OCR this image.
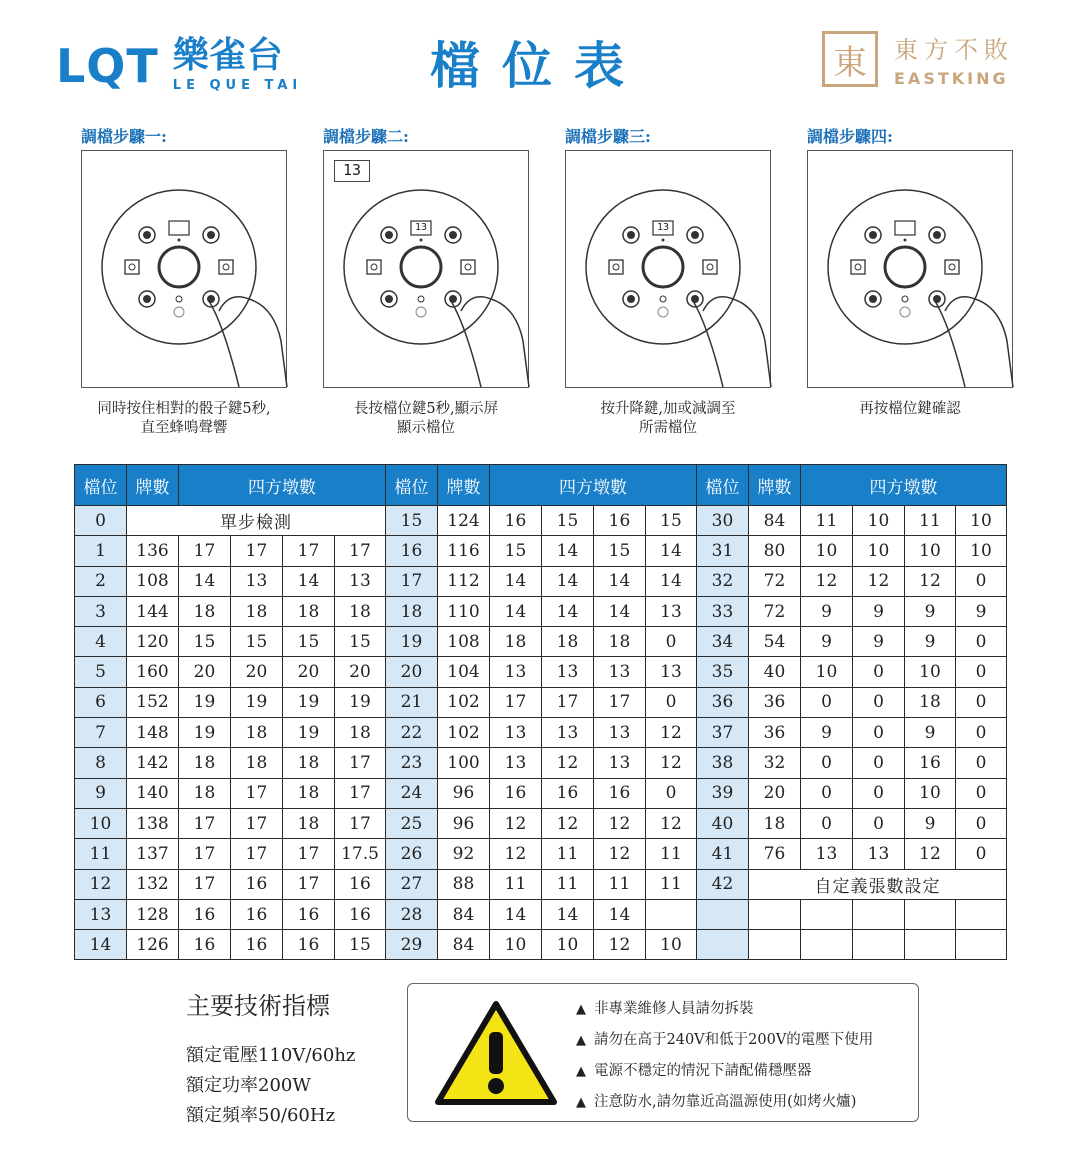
LQT 樂雀台
LE QUE TAI	檔位表	東	東方不敗
EASTKING
調檔步驟一:
同時按住相對的骰子鍵5秒,
直至蜂鳴聲響
調檔步驟二:
13
13
長按檔位鍵5秒,顯示屏
顯示檔位
調檔步驟三:
13
按升降鍵,加或減調至
所需檔位
調檔步驟四:
再按檔位鍵確認
檔位	牌數	四方墩數				檔位	牌數	四方墩數				檔位	牌數	四方墩數			
0	單步檢測					15	124	16	15	16	15	30	84	11	10	11	10
1	136	17	17	17	17	16	116	15	14	15	14	31	80	10	10	10	10
2	108	14	13	14	13	17	112	14	14	14	14	32	72	12	12	12	0
3	144	18	18	18	18	18	110	14	14	14	13	33	72	9	9	9	9
4	120	15	15	15	15	19	108	18	18	18	0	34	54	9	9	9	0
5	160	20	20	20	20	20	104	13	13	13	13	35	40	10	0	10	0
6	152	19	19	19	19	21	102	17	17	17	0	36	36	0	0	18	0
7	148	19	18	19	18	22	102	13	13	13	12	37	36	9	0	9	0
8	142	18	18	18	17	23	100	13	12	13	12	38	32	0	0	16	0
9	140	18	17	18	17	24	96	16	16	16	0	39	20	0	0	10	0
10	138	17	17	18	17	25	96	12	12	12	12	40	18	0	0	9	0
11	137	17	17	17	17.5	26	92	12	11	12	11	41	76	13	13	12	0
12	132	17	16	17	16	27	88	11	11	11	11	42	自定義張數設定				
13	128	16	16	16	16	28	84	14	14	14							
14	126	16	16	16	15	29	84	10	10	12	10						
主要技術指標
額定電壓110V/60hz
額定功率200W
額定頻率50/60Hz
▲ 非專業維修人員請勿拆裝
▲ 請勿在高于240V和低于200V的電壓下使用
▲ 電源不穩定的情況下請配備穩壓器
▲ 注意防水,請勿靠近高溫源使用(如烤火爐)
